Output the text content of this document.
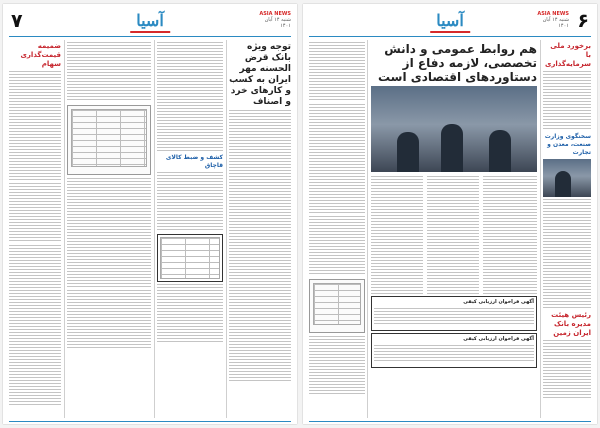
۷	آسیا	ASIA NEWS
شنبه ۱۴ آبان ۱۴۰۱
ضمیمه قیمت‌گذاری سهام
کشف و ضبط کالای قاچاق
توجه ویژه بانک قرض الحسنه مهر ایران به کسب و کارهای خرد و اصناف
۶
آسیا	ASIA NEWS
شنبه ۱۴ آبان ۱۴۰۱
هم روابط عمومی و دانش تخصصی، لازمه دفاع از دستاوردهای اقتصادی است
آگهی فراخوان ارزیابی کیفی
آگهی فراخوان ارزیابی کیفی
برخورد ملی با سرمایه‌گذاری
سخنگوی وزارت صنعت، معدن و تجارت
رئیس هیئت مدیره بانک ایران زمین
